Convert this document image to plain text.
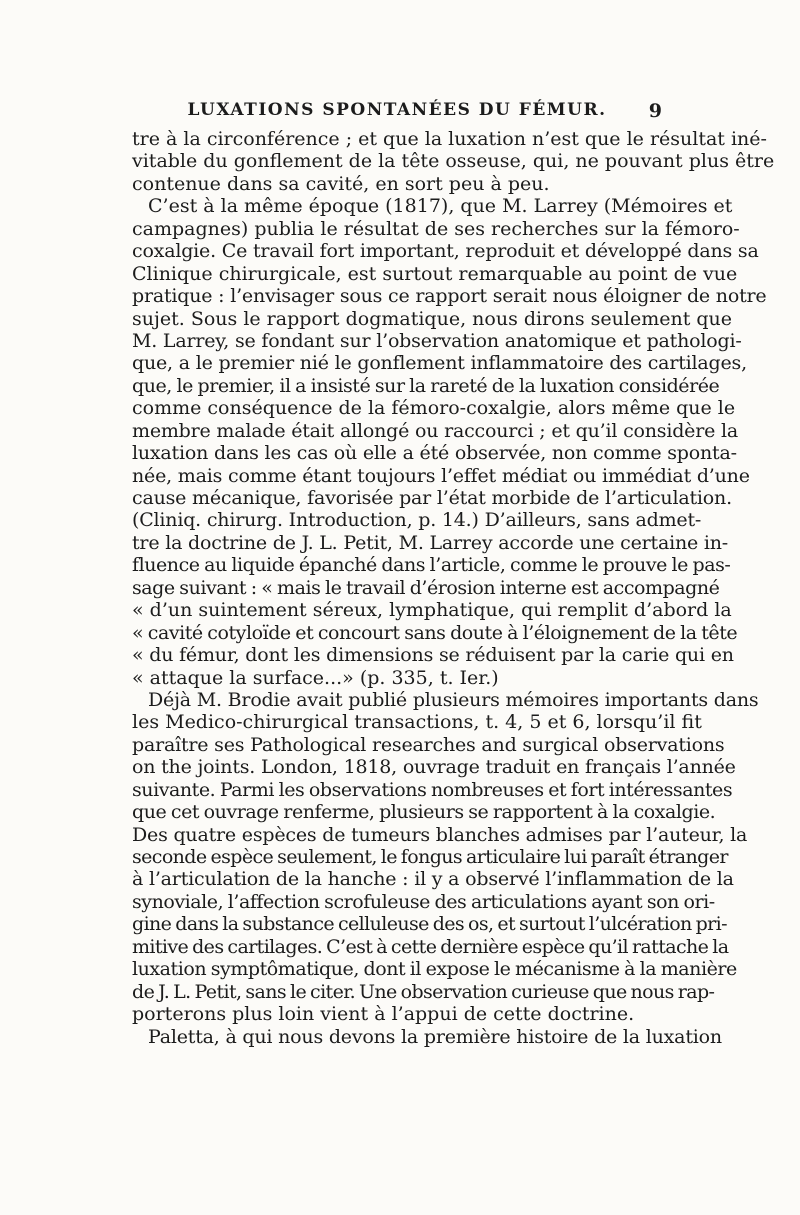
LUXATIONS SPONTANÉES DU FÉMUR.	9
tre à la circonférence ; et que la luxation n’est que le résultat iné-
vitable du gonflement de la tête osseuse, qui, ne pouvant plus être
contenue dans sa cavité, en sort peu à peu.
C’est à la même époque (1817), que M. Larrey (Mémoires et
campagnes) publia le résultat de ses recherches sur la fémoro-
coxalgie. Ce travail fort important, reproduit et développé dans sa
Clinique chirurgicale, est surtout remarquable au point de vue
pratique : l’envisager sous ce rapport serait nous éloigner de notre
sujet. Sous le rapport dogmatique, nous dirons seulement que
M. Larrey, se fondant sur l’observation anatomique et pathologi-
que, a le premier nié le gonflement inflammatoire des cartilages,
que, le premier, il a insisté sur la rareté de la luxation considérée
comme conséquence de la fémoro-coxalgie, alors même que le
membre malade était allongé ou raccourci ; et qu’il considère la
luxation dans les cas où elle a été observée, non comme sponta-
née, mais comme étant toujours l’effet médiat ou immédiat d’une
cause mécanique, favorisée par l’état morbide de l’articulation.
(Cliniq. chirurg. Introduction, p. 14.) D’ailleurs, sans admet-
tre la doctrine de J. L. Petit, M. Larrey accorde une certaine in-
fluence au liquide épanché dans l’article, comme le prouve le pas-
sage suivant : « mais le travail d’érosion interne est accompagné
« d’un suintement séreux, lymphatique, qui remplit d’abord la
« cavité cotyloïde et concourt sans doute à l’éloignement de la tête
« du fémur, dont les dimensions se réduisent par la carie qui en
« attaque la surface...» (p. 335, t. Ier.)
Déjà M. Brodie avait publié plusieurs mémoires importants dans
les Medico-chirurgical transactions, t. 4, 5 et 6, lorsqu’il fit
paraître ses Pathological researches and surgical observations
on the joints. London, 1818, ouvrage traduit en français l’année
suivante. Parmi les observations nombreuses et fort intéressantes
que cet ouvrage renferme, plusieurs se rapportent à la coxalgie.
Des quatre espèces de tumeurs blanches admises par l’auteur, la
seconde espèce seulement, le fongus articulaire lui paraît étranger
à l’articulation de la hanche : il y a observé l’inflammation de la
synoviale, l’affection scrofuleuse des articulations ayant son ori-
gine dans la substance celluleuse des os, et surtout l’ulcération pri-
mitive des cartilages. C’est à cette dernière espèce qu’il rattache la
luxation symptômatique, dont il expose le mécanisme à la manière
de J. L. Petit, sans le citer. Une observation curieuse que nous rap-
porterons plus loin vient à l’appui de cette doctrine.
Paletta, à qui nous devons la première histoire de la luxation
